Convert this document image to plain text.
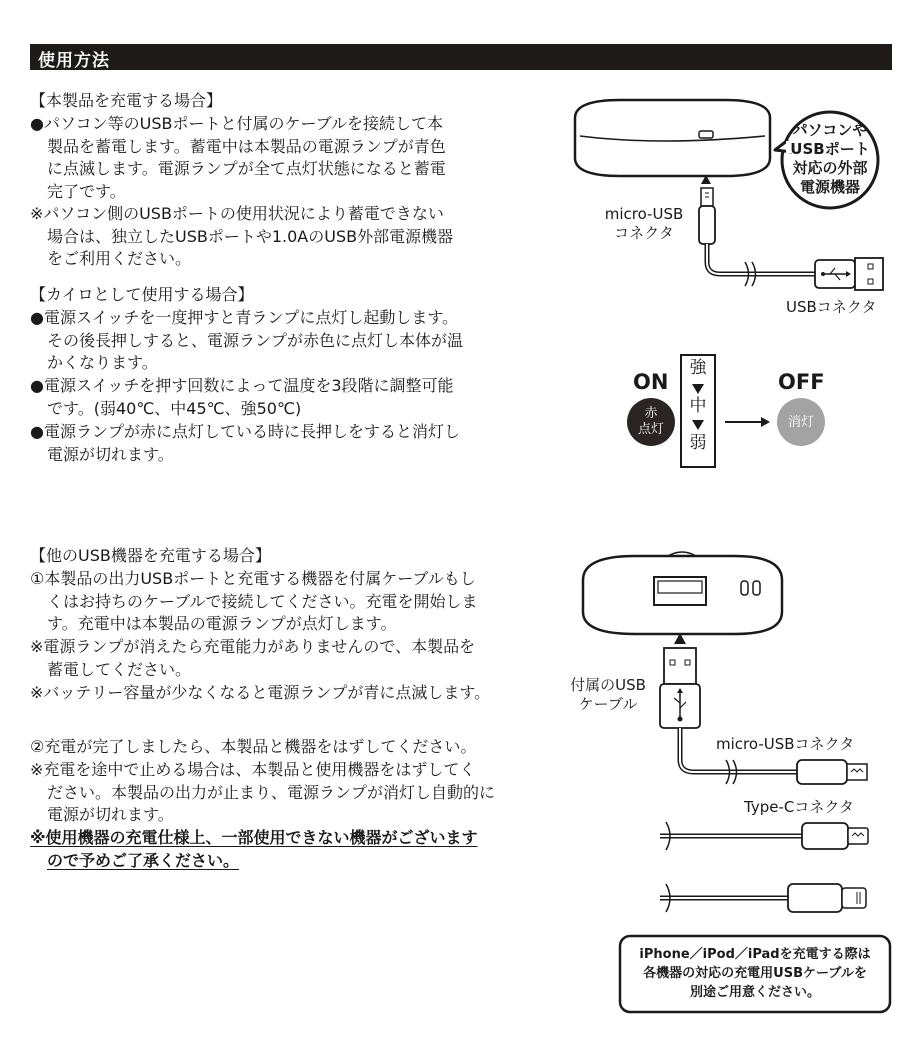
使用方法
【本製品を充電する場合】
●パソコン等のUSBポートと付属のケーブルを接続して本
製品を蓄電します。蓄電中は本製品の電源ランプが青色
に点滅します。電源ランプが全て点灯状態になると蓄電
完了です。
※パソコン側のUSBポートの使用状況により蓄電できない
場合は、独立したUSBポートや1.0AのUSB外部電源機器
をご利用ください。
【カイロとして使用する場合】
●電源スイッチを一度押すと青ランプに点灯し起動します。
その後長押しすると、電源ランプが赤色に点灯し本体が温
かくなります。
●電源スイッチを押す回数によって温度を3段階に調整可能
です。(弱40℃、中45℃、強50℃)
●電源ランプが赤に点灯している時に長押しをすると消灯し
電源が切れます。
【他のUSB機器を充電する場合】
①本製品の出力USBポートと充電する機器を付属ケーブルもし
くはお持ちのケーブルで接続してください。充電を開始しま
す。充電中は本製品の電源ランプが点灯します。
※電源ランプが消えたら充電能力がありませんので、本製品を
蓄電してください。
※バッテリー容量が少なくなると電源ランプが青に点滅します。
②充電が完了しましたら、本製品と機器をはずしてください。
※充電を途中で止める場合は、本製品と使用機器をはずしてく
ださい。本製品の出力が止まり、電源ランプが消灯し自動的に
電源が切れます。
※使用機器の充電仕様上、一部使用できない機器がございます
ので予めご了承ください。
パソコンや
USBポート
対応の外部
電源機器
micro-USB
コネクタ
USBコネクタ
ON	OFF
赤
点灯
強
中
弱
消灯
付属のUSB
ケーブル
micro-USBコネクタ
Type-Cコネクタ
iPhone／iPod／iPadを充電する際は
各機器の対応の充電用USBケーブルを
別途ご用意ください。
